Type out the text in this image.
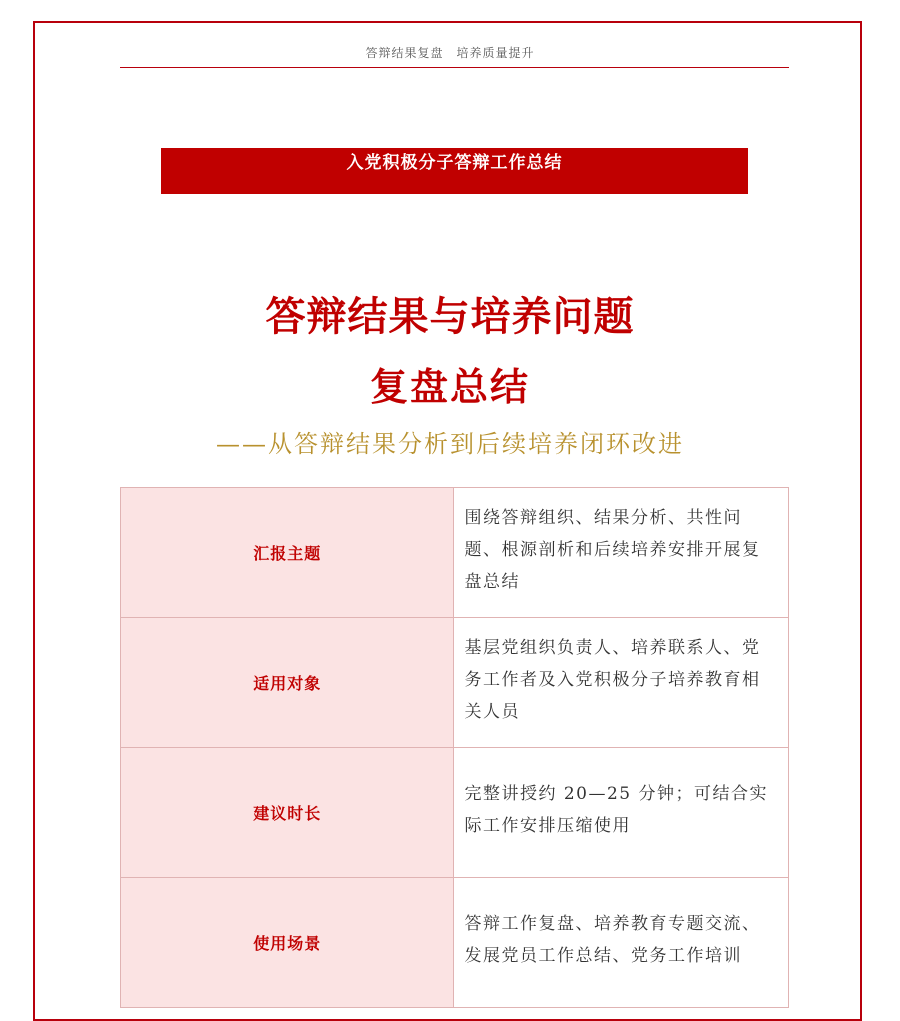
答辩结果复盘　培养质量提升
入党积极分子答辩工作总结
答辩结果与培养问题
复盘总结
——从答辩结果分析到后续培养闭环改进
汇报主题	围绕答辩组织、结果分析、共性问题、根源剖析和后续培养安排开展复盘总结

适用对象	基层党组织负责人、培养联系人、党务工作者及入党积极分子培养教育相关人员

建议时长	完整讲授约 20—25 分钟；可结合实际工作安排压缩使用

使用场景	答辩工作复盘、培养教育专题交流、发展党员工作总结、党务工作培训
